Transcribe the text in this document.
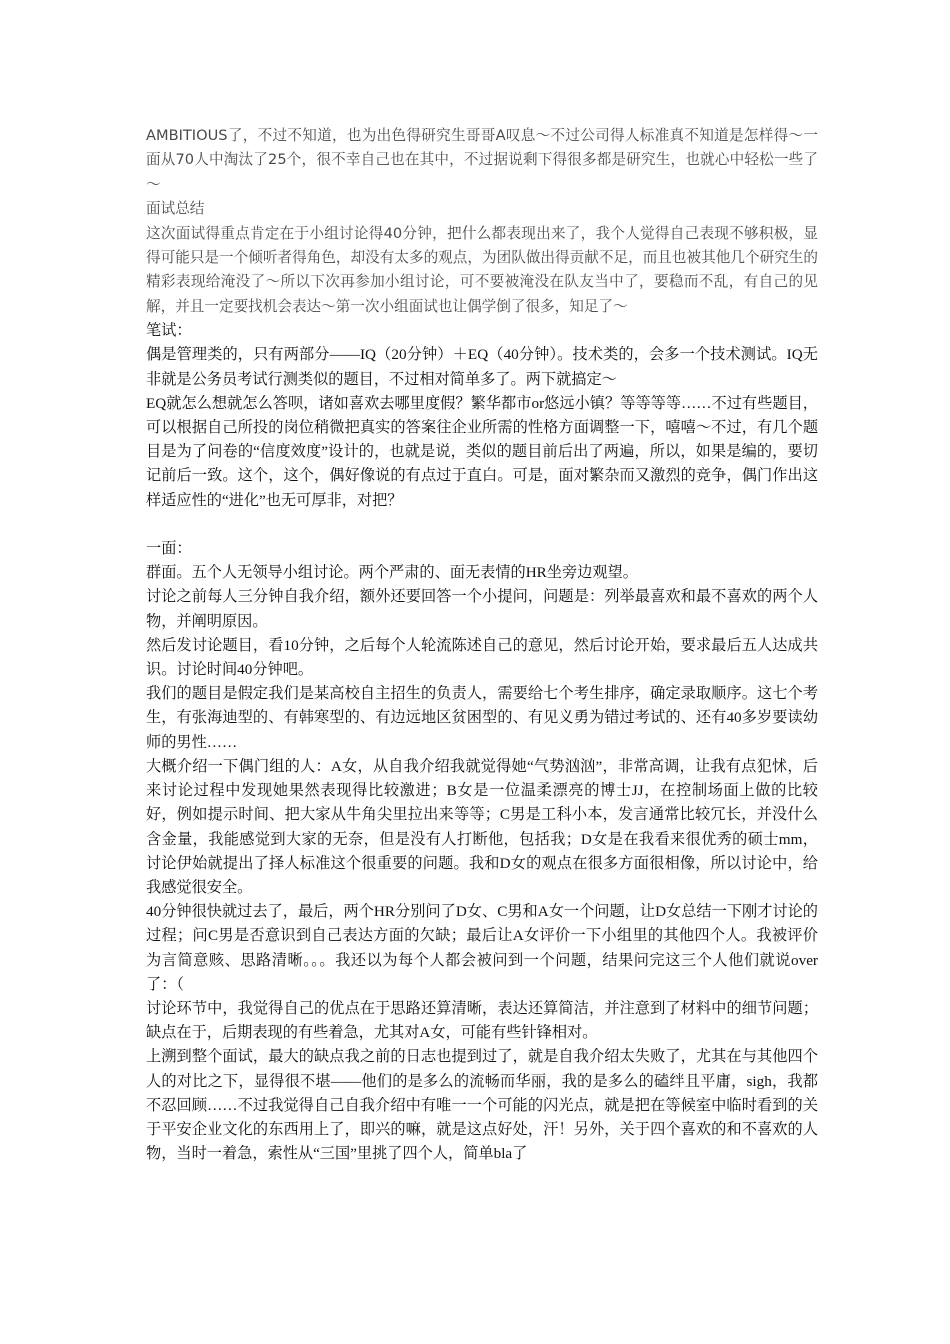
AMBITIOUS了，不过不知道，也为出色得研究生哥哥A叹息～不过公司得人标准真不知道是怎样得～一面从70人中淘汰了25个，很不幸自己也在其中，不过据说剩下得很多都是研究生，也就心中轻松一些了～

面试总结

这次面试得重点肯定在于小组讨论得40分钟，把什么都表现出来了，我个人觉得自己表现不够积极，显得可能只是一个倾听者得角色，却没有太多的观点，为团队做出得贡献不足，而且也被其他几个研究生的精彩表现给淹没了～所以下次再参加小组讨论，可不要被淹没在队友当中了，要稳而不乱，有自己的见解，并且一定要找机会表达～第一次小组面试也让偶学倒了很多，知足了～

笔试：

偶是管理类的，只有两部分——IQ（20分钟）＋EQ（40分钟）。技术类的，会多一个技术测试。IQ无非就是公务员考试行测类似的题目，不过相对简单多了。两下就搞定～

EQ就怎么想就怎么答呗，诸如喜欢去哪里度假？繁华都市or悠远小镇？等等等等……不过有些题目，可以根据自己所投的岗位稍微把真实的答案往企业所需的性格方面调整一下，嘻嘻～不过，有几个题目是为了问卷的“信度效度”设计的，也就是说，类似的题目前后出了两遍，所以，如果是编的，要切记前后一致。这个，这个，偶好像说的有点过于直白。可是，面对繁杂而又激烈的竞争，偶门作出这样适应性的“进化”也无可厚非，对把？

一面：

群面。五个人无领导小组讨论。两个严肃的、面无表情的HR坐旁边观望。

讨论之前每人三分钟自我介绍，额外还要回答一个小提问，问题是：列举最喜欢和最不喜欢的两个人物，并阐明原因。

然后发讨论题目，看10分钟，之后每个人轮流陈述自己的意见，然后讨论开始，要求最后五人达成共识。讨论时间40分钟吧。

我们的题目是假定我们是某高校自主招生的负责人，需要给七个考生排序，确定录取顺序。这七个考生，有张海迪型的、有韩寒型的、有边远地区贫困型的、有见义勇为错过考试的、还有40多岁要读幼师的男性……

大概介绍一下偶门组的人：A女，从自我介绍我就觉得她“气势汹汹”，非常高调，让我有点犯怵，后来讨论过程中发现她果然表现得比较激进；B女是一位温柔漂亮的博士JJ，在控制场面上做的比较好，例如提示时间、把大家从牛角尖里拉出来等等；C男是工科小本，发言通常比较冗长，并没什么含金量，我能感觉到大家的无奈，但是没有人打断他，包括我；D女是在我看来很优秀的硕士mm，讨论伊始就提出了择人标准这个很重要的问题。我和D女的观点在很多方面很相像，所以讨论中，给我感觉很安全。

40分钟很快就过去了，最后，两个HR分别问了D女、C男和A女一个问题，让D女总结一下刚才讨论的过程；问C男是否意识到自己表达方面的欠缺；最后让A女评价一下小组里的其他四个人。我被评价为言简意赅、思路清晰。。。我还以为每个人都会被问到一个问题，结果问完这三个人他们就说over了：（

讨论环节中，我觉得自己的优点在于思路还算清晰，表达还算简洁，并注意到了材料中的细节问题；缺点在于，后期表现的有些着急，尤其对A女，可能有些针锋相对。

上溯到整个面试，最大的缺点我之前的日志也提到过了，就是自我介绍太失败了，尤其在与其他四个人的对比之下，显得很不堪——他们的是多么的流畅而华丽，我的是多么的磕绊且平庸，sigh，我都不忍回顾……不过我觉得自己自我介绍中有唯一一个可能的闪光点，就是把在等候室中临时看到的关于平安企业文化的东西用上了，即兴的嘛，就是这点好处，汗！另外，关于四个喜欢的和不喜欢的人物，当时一着急，索性从“三国”里挑了四个人，简单bla了
